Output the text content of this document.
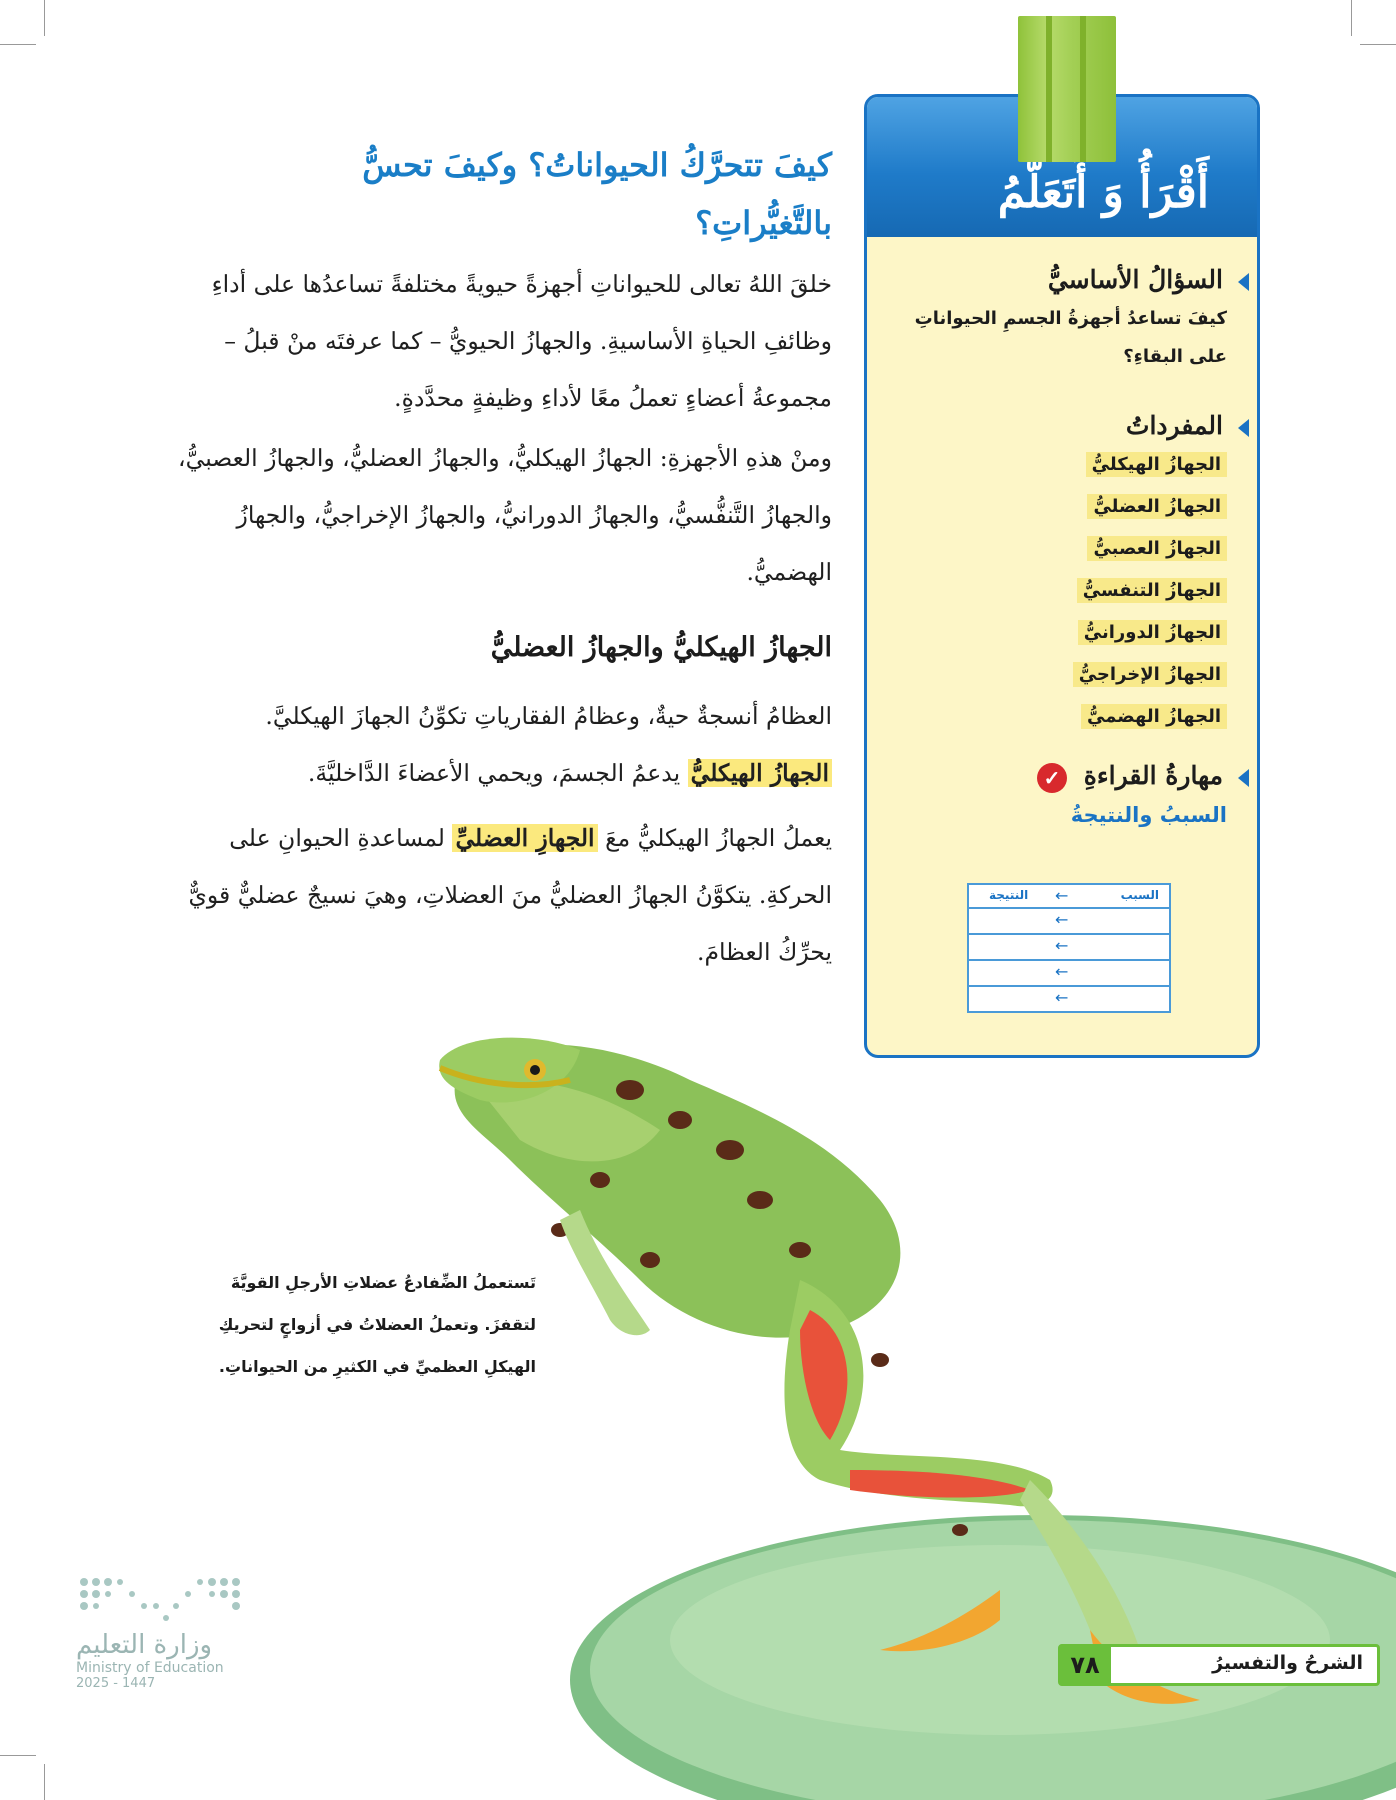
أَقْرَأُ وَ أَتَعَلَّمُ
السؤالُ الأساسيُّ
كيفَ تساعدُ أجهزةُ الجسمِ الحيواناتِ
على البقاءِ؟
المفرداتُ
الجهازُ الهيكليُّ
الجهازُ العضليُّ
الجهازُ العصبيُّ
الجهازُ التنفسيُّ
الجهازُ الدورانيُّ
الجهازُ الإخراجيُّ
الجهازُ الهضميُّ
مهارةُ القراءةِ ✓
السببُ والنتيجةُ
السبب
←
النتيجة
←
←
←
←
كيفَ تتحرَّكُ الحيواناتُ؟ وكيفَ تحسُّ
بالتَّغيُّراتِ؟

خلقَ اللهُ تعالى للحيواناتِ أجهزةً حيويةً مختلفةً تساعدُها على أداءِ وظائفِ الحياةِ الأساسيةِ. والجهازُ الحيويُّ – كما عرفتَه منْ قبلُ – مجموعةُ أعضاءٍ تعملُ معًا لأداءِ وظيفةٍ محدَّدةٍ.

ومنْ هذهِ الأجهزةِ: الجهازُ الهيكليُّ، والجهازُ العضليُّ، والجهازُ العصبيُّ، والجهازُ التَّنفُّسيُّ، والجهازُ الدورانيُّ، والجهازُ الإخراجيُّ، والجهازُ الهضميُّ.

الجهازُ الهيكليُّ والجهازُ العضليُّ

العظامُ أنسجةٌ حيةٌ، وعظامُ الفقارياتِ تكوِّنُ الجهازَ الهيكليَّ.
الجهازُ الهيكليُّ يدعمُ الجسمَ، ويحمي الأعضاءَ الدَّاخليَّةَ.

يعملُ الجهازُ الهيكليُّ معَ الجهازِ العضليِّ لمساعدةِ الحيوانِ على الحركةِ. يتكوَّنُ الجهازُ العضليُّ منَ العضلاتِ، وهيَ نسيجٌ عضليٌّ قويٌّ يحرِّكُ العظامَ.

تَستعملُ الضِّفادعُ عضلاتِ الأرجلِ القويَّةَ
لتقفزَ. وتعملُ العضلاتُ في أزواجٍ لتحريكِ
الهيكلِ العظميِّ في الكثيرِ من الحيواناتِ.
الشرحُ والتفسيرُ
٧٨
وزارة التعليم
Ministry of Education
2025 - 1447
